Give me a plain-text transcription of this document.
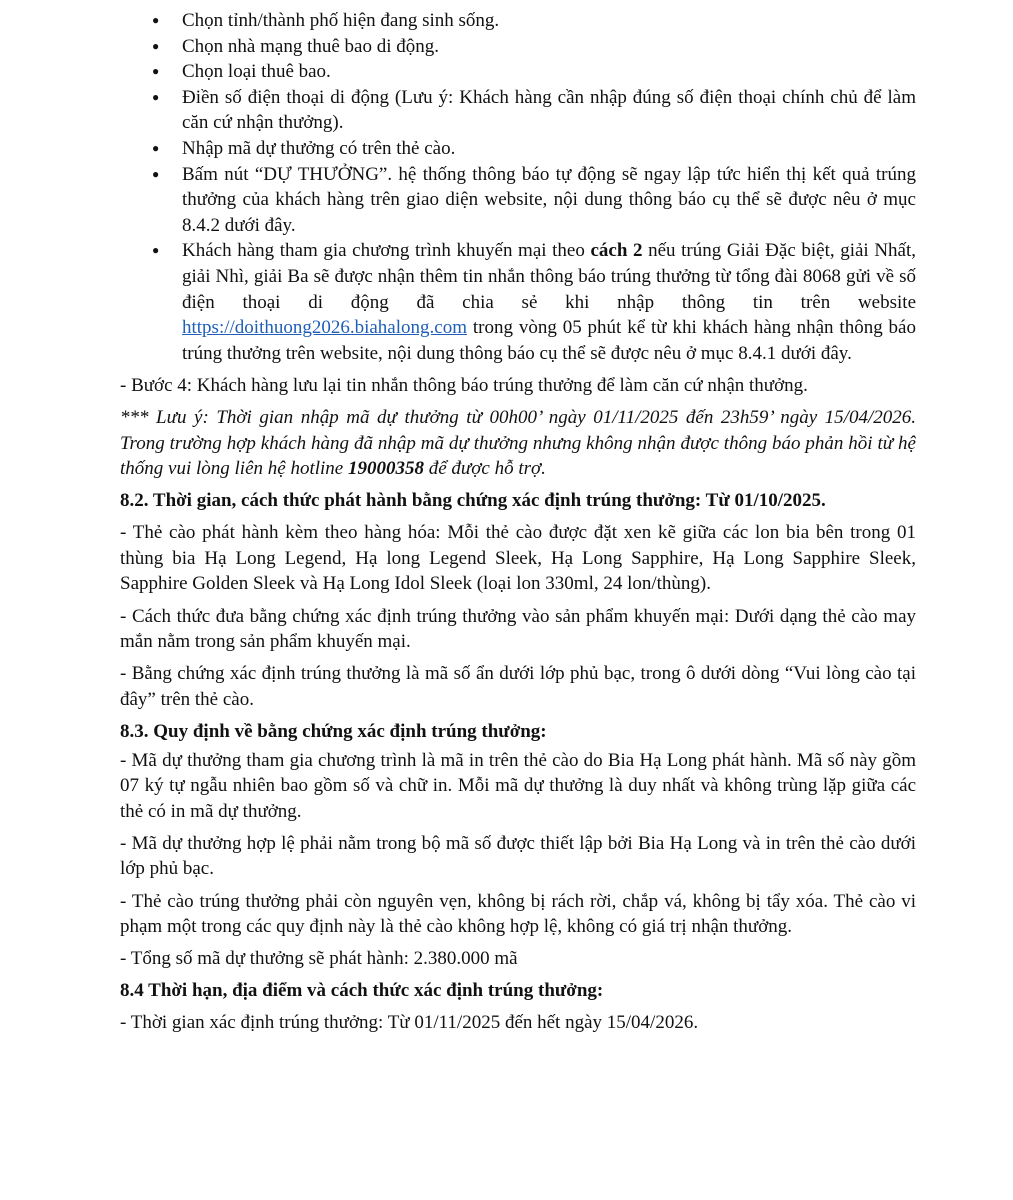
● Chọn tỉnh/thành phố hiện đang sinh sống.
● Chọn nhà mạng thuê bao di động.
● Chọn loại thuê bao.
● Điền số điện thoại di động (Lưu ý: Khách hàng cần nhập đúng số điện thoại chính chủ để làm căn cứ nhận thưởng).
● Nhập mã dự thưởng có trên thẻ cào.
● Bấm nút “DỰ THƯỞNG”. hệ thống thông báo tự động sẽ ngay lập tức hiển thị kết quả trúng thưởng của khách hàng trên giao diện website, nội dung thông báo cụ thể sẽ được nêu ở mục 8.4.2 dưới đây.
● Khách hàng tham gia chương trình khuyến mại theo cách 2 nếu trúng Giải Đặc biệt, giải Nhất, giải Nhì, giải Ba sẽ được nhận thêm tin nhắn thông báo trúng thưởng từ tổng đài 8068 gửi về số điện thoại di động đã chia sẻ khi nhập thông tin trên website https://doithuong2026.biahalong.com trong vòng 05 phút kể từ khi khách hàng nhận thông báo trúng thưởng trên website, nội dung thông báo cụ thể sẽ được nêu ở mục 8.4.1 dưới đây.

- Bước 4: Khách hàng lưu lại tin nhắn thông báo trúng thưởng để làm căn cứ nhận thưởng.

*** Lưu ý: Thời gian nhập mã dự thưởng từ 00h00’ ngày 01/11/2025 đến 23h59’ ngày 15/04/2026. Trong trường hợp khách hàng đã nhập mã dự thưởng nhưng không nhận được thông báo phản hồi từ hệ thống vui lòng liên hệ hotline 19000358 để được hỗ trợ.

8.2. Thời gian, cách thức phát hành bằng chứng xác định trúng thưởng: Từ 01/10/2025.

- Thẻ cào phát hành kèm theo hàng hóa: Mỗi thẻ cào được đặt xen kẽ giữa các lon bia bên trong 01 thùng bia Hạ Long Legend, Hạ long Legend Sleek, Hạ Long Sapphire, Hạ Long Sapphire Sleek, Sapphire Golden Sleek và Hạ Long Idol Sleek (loại lon 330ml, 24 lon/thùng).

- Cách thức đưa bằng chứng xác định trúng thưởng vào sản phẩm khuyến mại: Dưới dạng thẻ cào may mắn nằm trong sản phẩm khuyến mại.

- Bằng chứng xác định trúng thưởng là mã số ẩn dưới lớp phủ bạc, trong ô dưới dòng “Vui lòng cào tại đây” trên thẻ cào.

8.3. Quy định về bằng chứng xác định trúng thưởng:

- Mã dự thưởng tham gia chương trình là mã in trên thẻ cào do Bia Hạ Long phát hành. Mã số này gồm 07 ký tự ngẫu nhiên bao gồm số và chữ in. Mỗi mã dự thưởng là duy nhất và không trùng lặp giữa các thẻ có in mã dự thưởng.

- Mã dự thưởng hợp lệ phải nằm trong bộ mã số được thiết lập bởi Bia Hạ Long và in trên thẻ cào dưới lớp phủ bạc.

- Thẻ cào trúng thưởng phải còn nguyên vẹn, không bị rách rời, chắp vá, không bị tẩy xóa. Thẻ cào vi phạm một trong các quy định này là thẻ cào không hợp lệ, không có giá trị nhận thưởng.

- Tổng số mã dự thưởng sẽ phát hành: 2.380.000 mã

8.4 Thời hạn, địa điểm và cách thức xác định trúng thưởng:

- Thời gian xác định trúng thưởng: Từ 01/11/2025 đến hết ngày 15/04/2026.
